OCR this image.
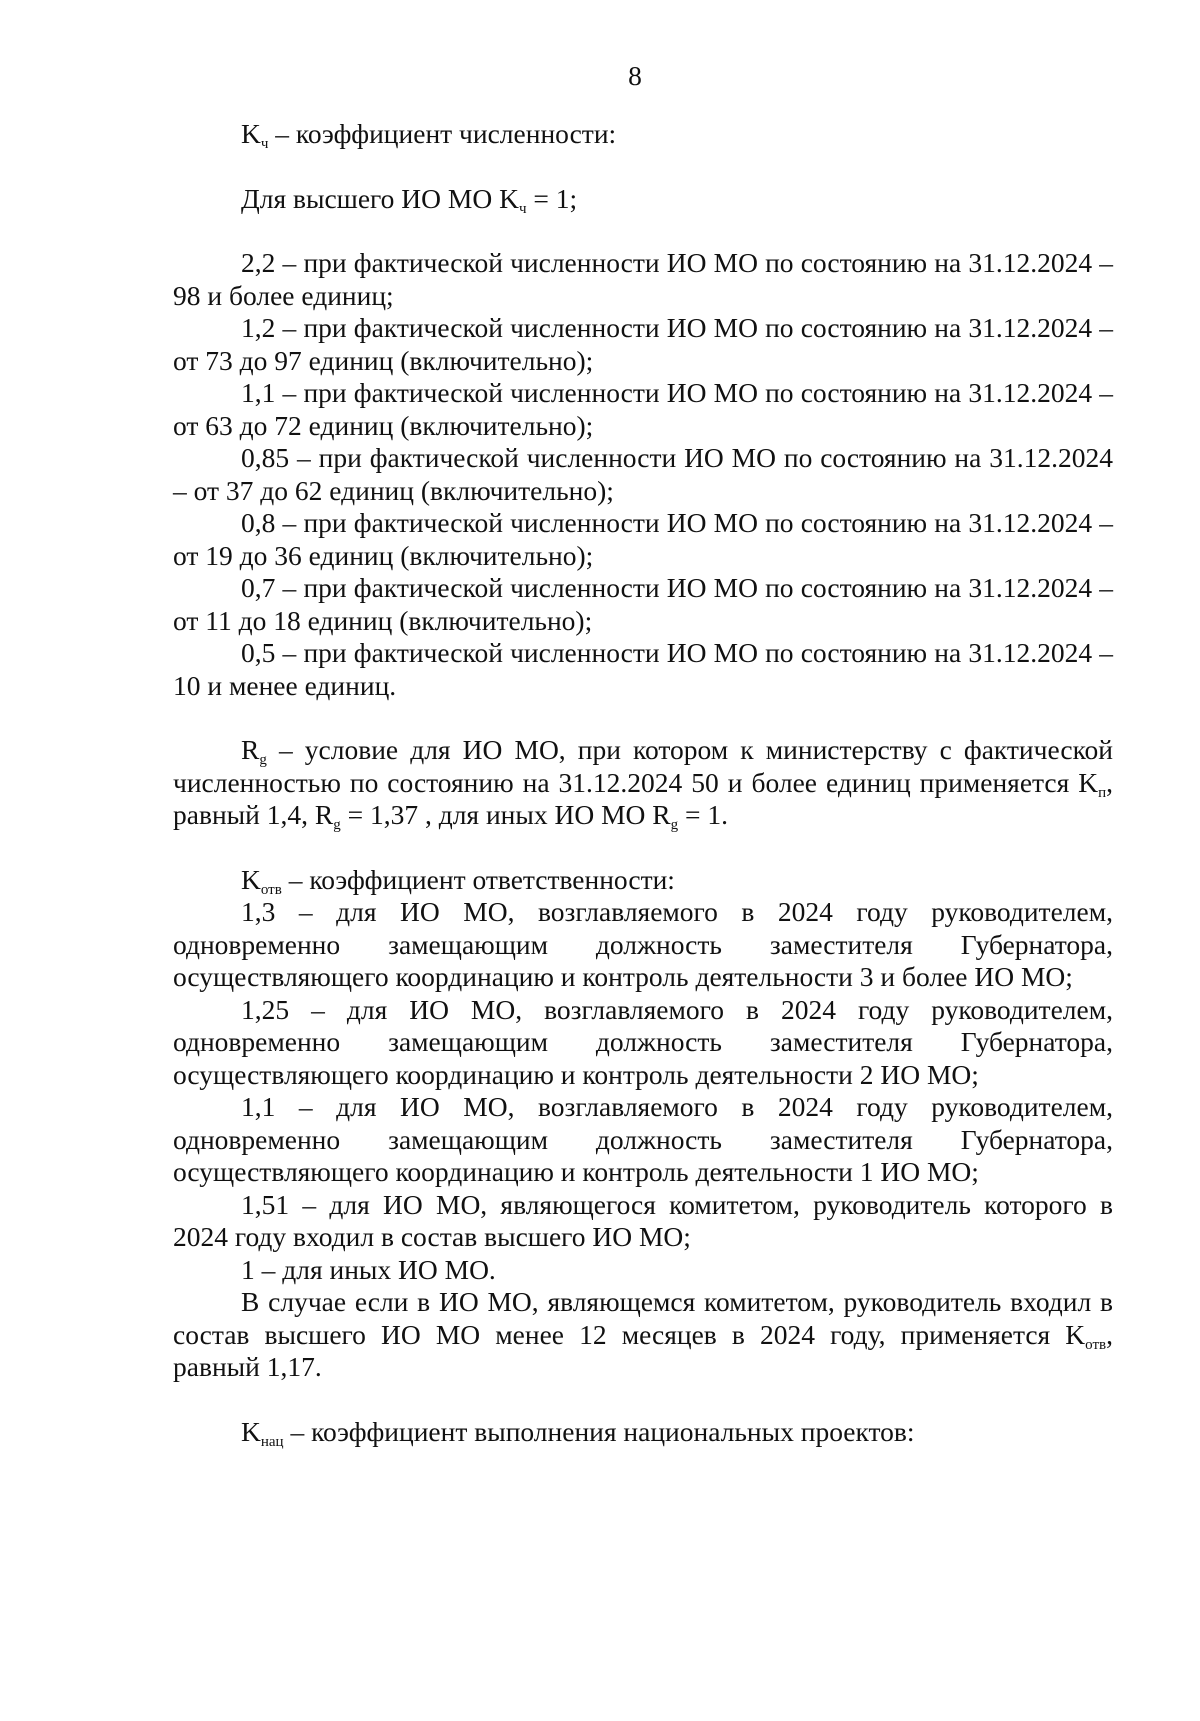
8

$K_ч$ – коэффициент численности:

Для высшего ИО МО $K_ч = 1$;

2,2 – при фактической численности ИО МО по состоянию на 31.12.2024 – 98 и более единиц;

1,2 – при фактической численности ИО МО по состоянию на 31.12.2024 – от 73 до 97 единиц (включительно);

1,1 – при фактической численности ИО МО по состоянию на 31.12.2024 – от 63 до 72 единиц (включительно);

0,85 – при фактической численности ИО МО по состоянию на 31.12.2024 – от 37 до 62 единиц (включительно);

0,8 – при фактической численности ИО МО по состоянию на 31.12.2024 – от 19 до 36 единиц (включительно);

0,7 – при фактической численности ИО МО по состоянию на 31.12.2024 – от 11 до 18 единиц (включительно);

0,5 – при фактической численности ИО МО по состоянию на 31.12.2024 – 10 и менее единиц.

$R_g$ – условие для ИО МО, при котором к министерству с фактической численностью по состоянию на 31.12.2024 50 и более единиц применяется $K_п$, равный 1,4, $R_g = 1,37$ , для иных ИО МО $R_g = 1$.

$K_{отв}$ – коэффициент ответственности:

1,3 – для ИО МО, возглавляемого в 2024 году руководителем, одновременно замещающим должность заместителя Губернатора, осуществляющего координацию и контроль деятельности 3 и более ИО МО;

1,25 – для ИО МО, возглавляемого в 2024 году руководителем, одновременно замещающим должность заместителя Губернатора, осуществляющего координацию и контроль деятельности 2 ИО МО;

1,1 – для ИО МО, возглавляемого в 2024 году руководителем, одновременно замещающим должность заместителя Губернатора, осуществляющего координацию и контроль деятельности 1 ИО МО;

1,51 – для ИО МО, являющегося комитетом, руководитель которого в 2024 году входил в состав высшего ИО МО;

1 – для иных ИО МО.

В случае если в ИО МО, являющемся комитетом, руководитель входил в состав высшего ИО МО менее 12 месяцев в 2024 году, применяется $K_{отв}$, равный 1,17.

$K_{нац}$ – коэффициент выполнения национальных проектов:
